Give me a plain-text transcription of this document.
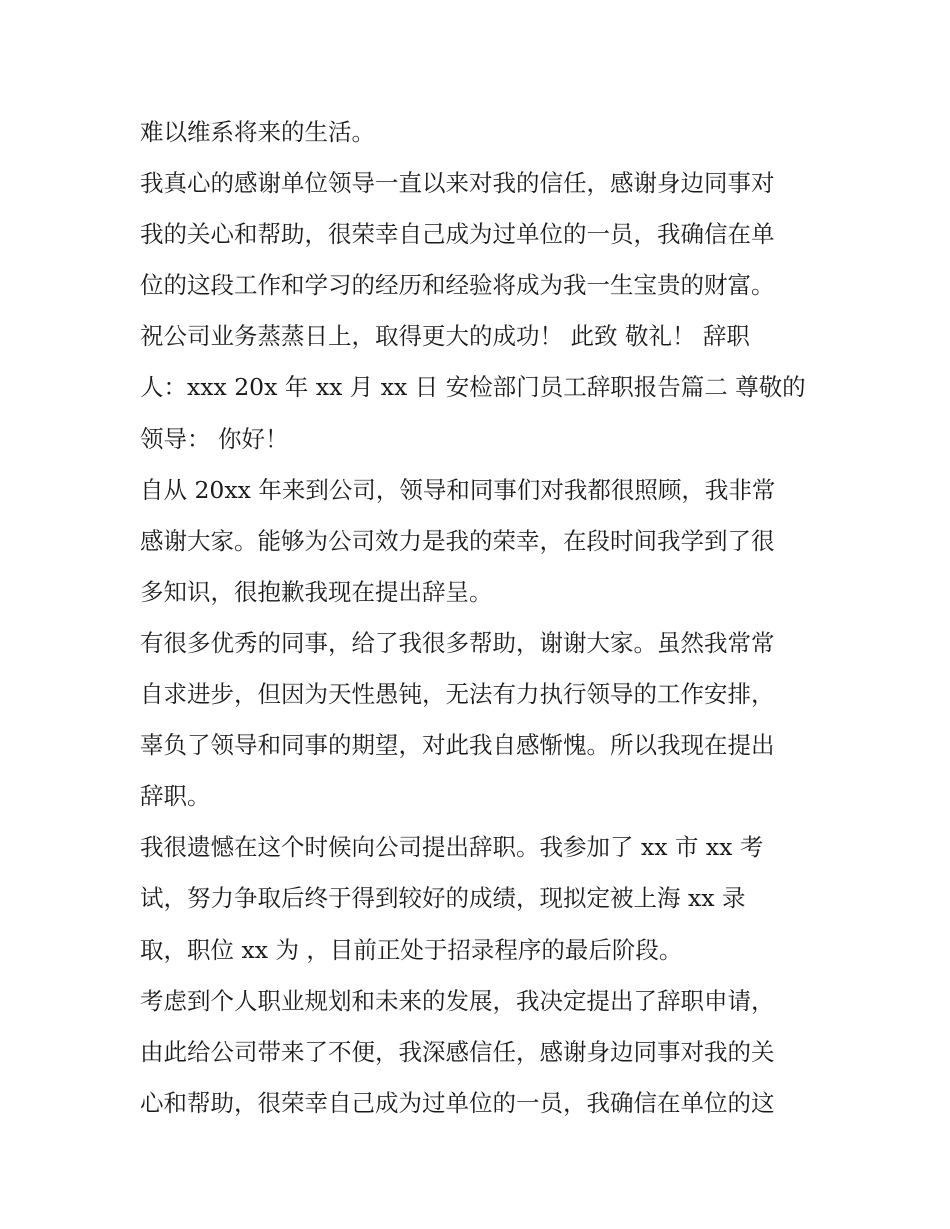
难以维系将来的生活。
我真心的感谢单位领导一直以来对我的信任，感谢身边同事对
我的关心和帮助，很荣幸自己成为过单位的一员，我确信在单
位的这段工作和学习的经历和经验将成为我一生宝贵的财富。
祝公司业务蒸蒸日上，取得更大的成功！ 此致 敬礼！ 辞职
人：xxx 20x 年 xx 月 xx 日 安检部门员工辞职报告篇二 尊敬的
领导： 你好！
自从 20xx 年来到公司，领导和同事们对我都很照顾，我非常
感谢大家。能够为公司效力是我的荣幸，在段时间我学到了很
多知识，很抱歉我现在提出辞呈。
有很多优秀的同事，给了我很多帮助，谢谢大家。虽然我常常
自求进步，但因为天性愚钝，无法有力执行领导的工作安排，
辜负了领导和同事的期望，对此我自感惭愧。所以我现在提出
辞职。
我很遗憾在这个时候向公司提出辞职。我参加了 xx 市 xx 考
试，努力争取后终于得到较好的成绩，现拟定被上海 xx 录
取，职位 xx 为 ，目前正处于招录程序的最后阶段。
考虑到个人职业规划和未来的发展，我决定提出了辞职申请，
由此给公司带来了不便，我深感信任，感谢身边同事对我的关
心和帮助，很荣幸自己成为过单位的一员，我确信在单位的这
